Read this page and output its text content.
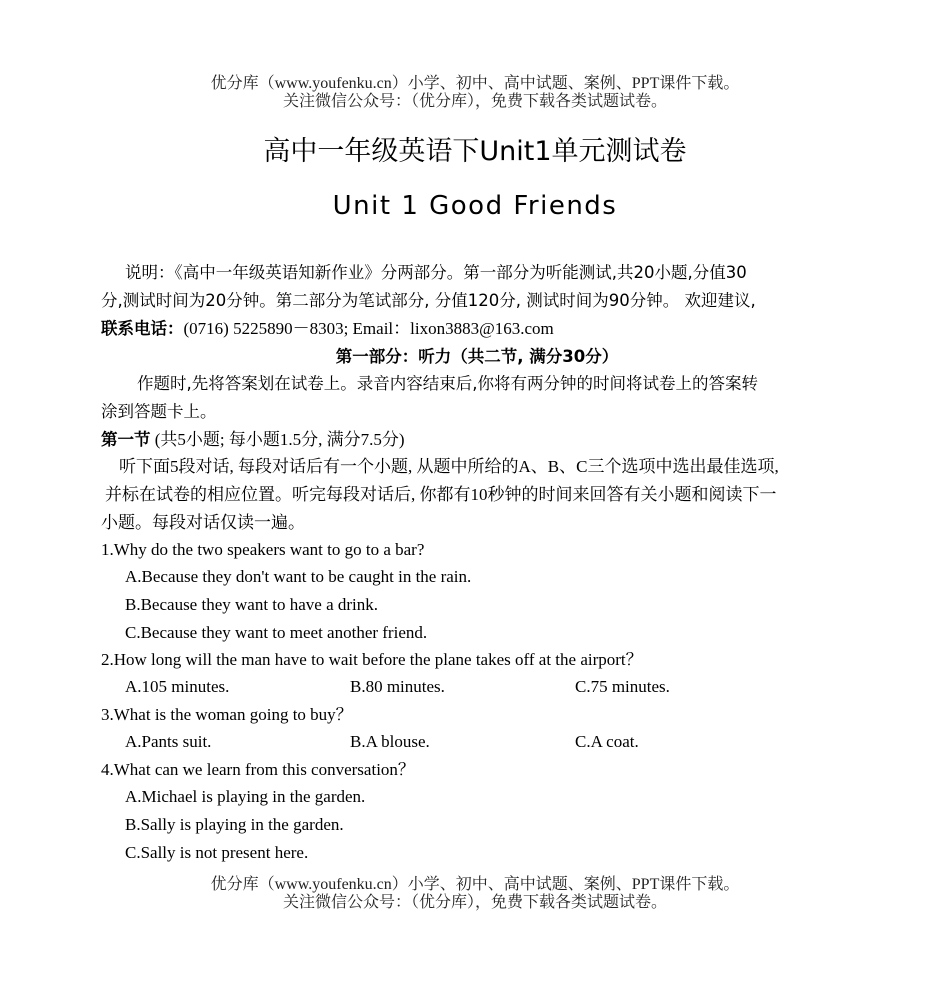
优分库（www.youfenku.cn）小学、初中、高中试题、案例、PPT课件下载。
关注微信公众号：（优分库），免费下载各类试题试卷。
高中一年级英语下Unit1单元测试卷
Unit 1 Good Friends
说明：《高中一年级英语知新作业》分两部分。第一部分为听能测试,共20小题,分值30
分,测试时间为20分钟。第二部分为笔试部分, 分值120分, 测试时间为90分钟。 欢迎建议,
联系电话：(0716) 5225890－8303; Email：lixon3883@163.com
第一部分：听力（共二节, 满分30分）
作题时,先将答案划在试卷上。录音内容结束后,你将有两分钟的时间将试卷上的答案转
涂到答题卡上。
第一节 (共5小题; 每小题1.5分, 满分7.5分)
听下面5段对话, 每段对话后有一个小题, 从题中所给的A、B、C三个选项中选出最佳选项,
并标在试卷的相应位置。听完每段对话后, 你都有10秒钟的时间来回答有关小题和阅读下一
小题。每段对话仅读一遍。
1.Why do the two speakers want to go to a bar?
A.Because they don't want to be caught in the rain.
B.Because they want to have a drink.
C.Because they want to meet another friend.
2.How long will the man have to wait before the plane takes off at the airport？
A.105 minutes.	B.80 minutes.	C.75 minutes.
3.What is the woman going to buy？
A.Pants suit.	B.A blouse.	C.A coat.
4.What can we learn from this conversation？
A.Michael is playing in the garden.
B.Sally is playing in the garden.
C.Sally is not present here.
优分库（www.youfenku.cn）小学、初中、高中试题、案例、PPT课件下载。
关注微信公众号：（优分库），免费下载各类试题试卷。
